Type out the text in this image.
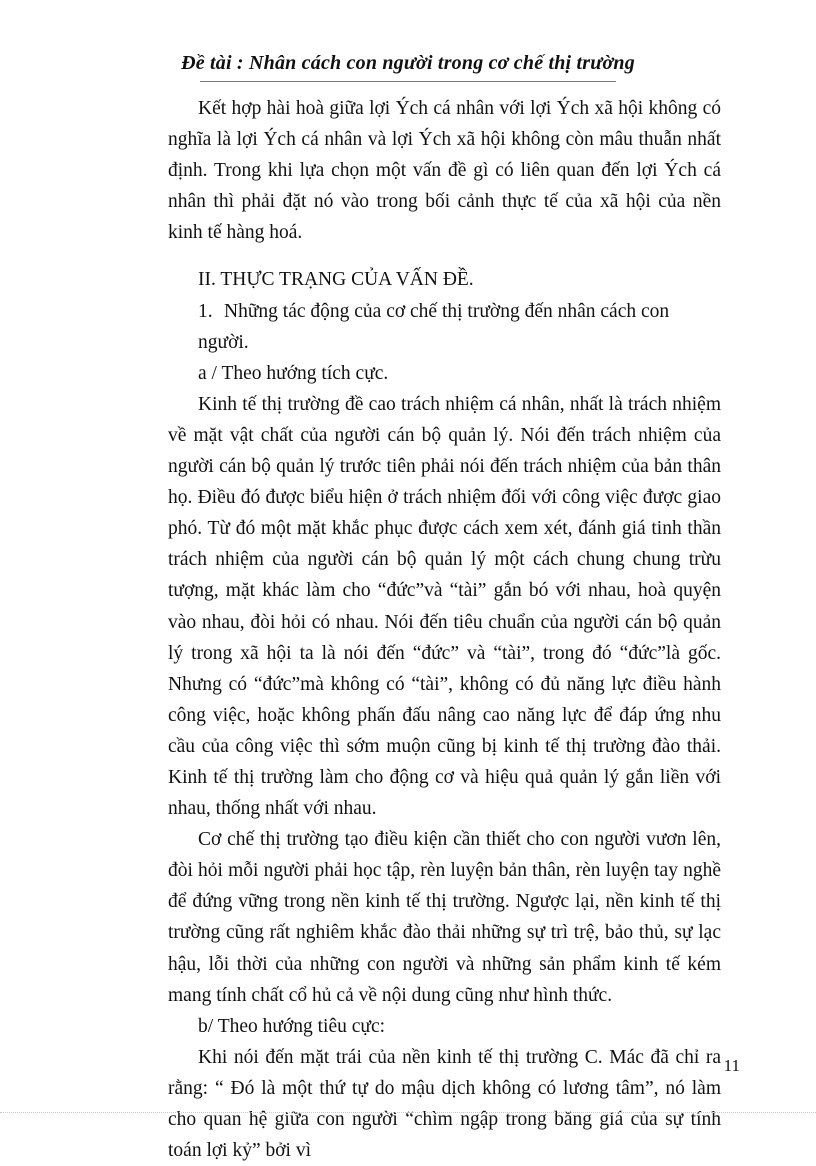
Đề tài : Nhân cách con người trong cơ chế thị trường

Kết hợp hài hoà giữa lợi Ých cá nhân với lợi Ých xã hội không có nghĩa là lợi Ých cá nhân và lợi Ých xã hội không còn mâu thuẫn nhất định. Trong khi lựa chọn một vấn đề gì có liên quan đến lợi Ých cá nhân thì phải đặt nó vào trong bối cảnh thực tế của xã hội của nền kinh tế hàng hoá.

II. THỰC TRẠNG CỦA VẤN ĐỀ.

1. Những tác động của cơ chế thị trường đến nhân cách con người.

a / Theo hướng tích cực.

Kinh tế thị trường đề cao trách nhiệm cá nhân, nhất là trách nhiệm về mặt vật chất của người cán bộ quản lý. Nói đến trách nhiệm của người cán bộ quản lý trước tiên phải nói đến trách nhiệm của bản thân họ. Điều đó được biểu hiện ở trách nhiệm đối với công việc được giao phó. Từ đó một mặt khắc phục được cách xem xét, đánh giá tinh thần trách nhiệm của người cán bộ quản lý một cách chung chung trừu tượng, mặt khác làm cho “đức”và “tài” gắn bó với nhau, hoà quyện vào nhau, đòi hỏi có nhau. Nói đến tiêu chuẩn của người cán bộ quản lý trong xã hội ta là nói đến “đức” và “tài”, trong đó “đức”là gốc. Nhưng có “đức”mà không có “tài”, không có đủ năng lực điều hành công việc, hoặc không phấn đấu nâng cao năng lực để đáp ứng nhu cầu của công việc thì sớm muộn cũng bị kinh tế thị trường đào thải. Kinh tế thị trường làm cho động cơ và hiệu quả quản lý gắn liền với nhau, thống nhất với nhau.

Cơ chế thị trường tạo điều kiện cần thiết cho con người vươn lên, đòi hỏi mỗi người phải học tập, rèn luyện bản thân, rèn luyện tay nghề để đứng vững trong nền kinh tế thị trường. Ngược lại, nền kinh tế thị trường cũng rất nghiêm khắc đào thải những sự trì trệ, bảo thủ, sự lạc hậu, lỗi thời của những con người và những sản phẩm kinh tế kém mang tính chất cổ hủ cả về nội dung cũng như hình thức.

b/ Theo hướng tiêu cực:

Khi nói đến mặt trái của nền kinh tế thị trường C. Mác đã chỉ ra rằng: “ Đó là một thứ tự do mậu dịch không có lương tâm”, nó làm cho quan hệ giữa con người “chìm ngập trong băng giá của sự tính toán lợi kỷ” bởi vì

11
